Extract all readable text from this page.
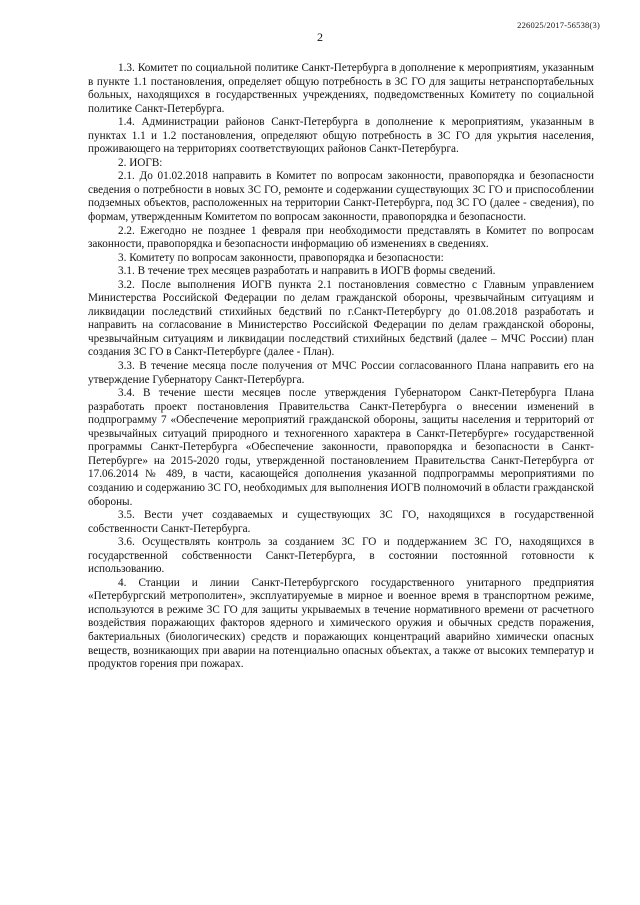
226025/2017-56538(3)
2

1.3. Комитет по социальной политике Санкт-Петербурга в дополнение к мероприятиям, указанным в пункте 1.1 постановления, определяет общую потребность в ЗС ГО для защиты нетранспортабельных больных, находящихся в государственных учреждениях, подведомственных Комитету по социальной политике Санкт-Петербурга.

1.4. Администрации районов Санкт-Петербурга в дополнение к мероприятиям, указанным в пунктах 1.1 и 1.2 постановления, определяют общую потребность в ЗС ГО для укрытия населения, проживающего на территориях соответствующих районов Санкт-Петербурга.

2. ИОГВ:

2.1. До 01.02.2018 направить в Комитет по вопросам законности, правопорядка и безопасности сведения о потребности в новых ЗС ГО, ремонте и содержании существующих ЗС ГО и приспособлении подземных объектов, расположенных на территории Санкт-Петербурга, под ЗС ГО (далее - сведения), по формам, утвержденным Комитетом по вопросам законности, правопорядка и безопасности.

2.2. Ежегодно не позднее 1 февраля при необходимости представлять в Комитет по вопросам законности, правопорядка и безопасности информацию об изменениях в сведениях.

3. Комитету по вопросам законности, правопорядка и безопасности:

3.1. В течение трех месяцев разработать и направить в ИОГВ формы сведений.

3.2. После выполнения ИОГВ пункта 2.1 постановления совместно с Главным управлением Министерства Российской Федерации по делам гражданской обороны, чрезвычайным ситуациям и ликвидации последствий стихийных бедствий по г.Санкт-Петербургу до 01.08.2018 разработать и направить на согласование в Министерство Российской Федерации по делам гражданской обороны, чрезвычайным ситуациям и ликвидации последствий стихийных бедствий (далее – МЧС России) план создания ЗС ГО в Санкт-Петербурге (далее - План).

3.3. В течение месяца после получения от МЧС России согласованного Плана направить его на утверждение Губернатору Санкт-Петербурга.

3.4. В течение шести месяцев после утверждения Губернатором Санкт-Петербурга Плана разработать проект постановления Правительства Санкт-Петербурга о внесении изменений в подпрограмму 7 «Обеспечение мероприятий гражданской обороны, защиты населения и территорий от чрезвычайных ситуаций природного и техногенного характера в Санкт-Петербурге» государственной программы Санкт-Петербурга «Обеспечение законности, правопорядка и безопасности в Санкт-Петербурге» на 2015-2020 годы, утвержденной постановлением Правительства Санкт-Петербурга от 17.06.2014 № 489, в части, касающейся дополнения указанной подпрограммы мероприятиями по созданию и содержанию ЗС ГО, необходимых для выполнения ИОГВ полномочий в области гражданской обороны.

3.5. Вести учет создаваемых и существующих ЗС ГО, находящихся в государственной собственности Санкт-Петербурга.

3.6. Осуществлять контроль за созданием ЗС ГО и поддержанием ЗС ГО, находящихся в государственной собственности Санкт-Петербурга, в состоянии постоянной готовности к использованию.

4. Станции и линии Санкт-Петербургского государственного унитарного предприятия «Петербургский метрополитен», эксплуатируемые в мирное и военное время в транспортном режиме, используются в режиме ЗС ГО для защиты укрываемых в течение нормативного времени от расчетного воздействия поражающих факторов ядерного и химического оружия и обычных средств поражения, бактериальных (биологических) средств и поражающих концентраций аварийно химически опасных веществ, возникающих при аварии на потенциально опасных объектах, а также от высоких температур и продуктов горения при пожарах.
